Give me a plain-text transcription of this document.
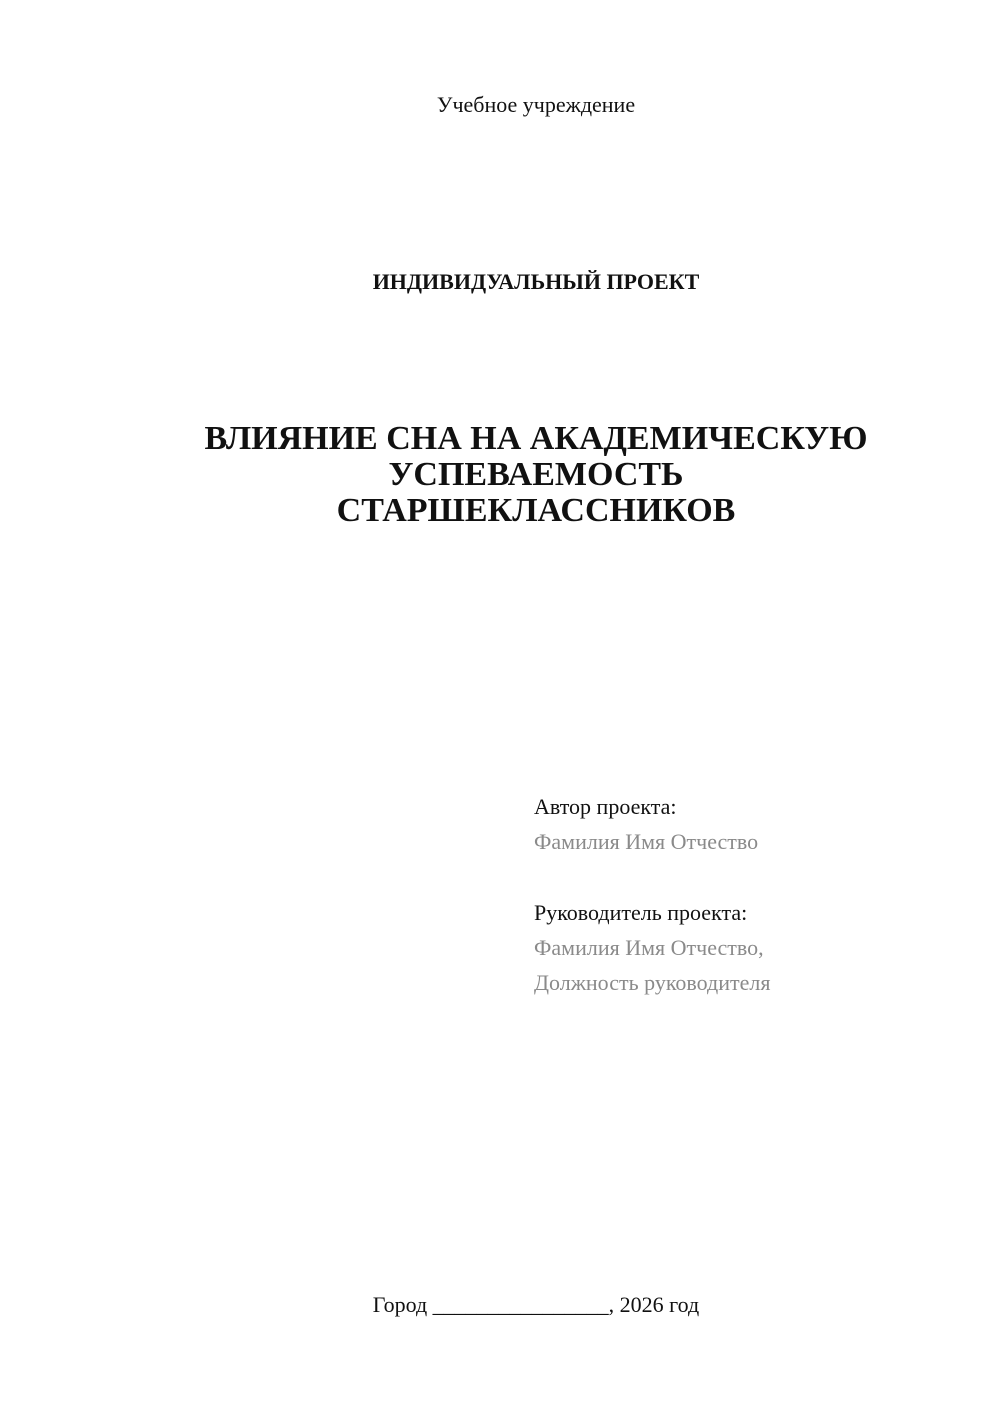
Учебное учреждение
ИНДИВИДУАЛЬНЫЙ ПРОЕКТ
ВЛИЯНИЕ СНА НА АКАДЕМИЧЕСКУЮ
УСПЕВАЕМОСТЬ
СТАРШЕКЛАССНИКОВ
Автор проекта:
Фамилия Имя Отчество
Руководитель проекта:
Фамилия Имя Отчество,
Должность руководителя
Город ________________, 2026 год
